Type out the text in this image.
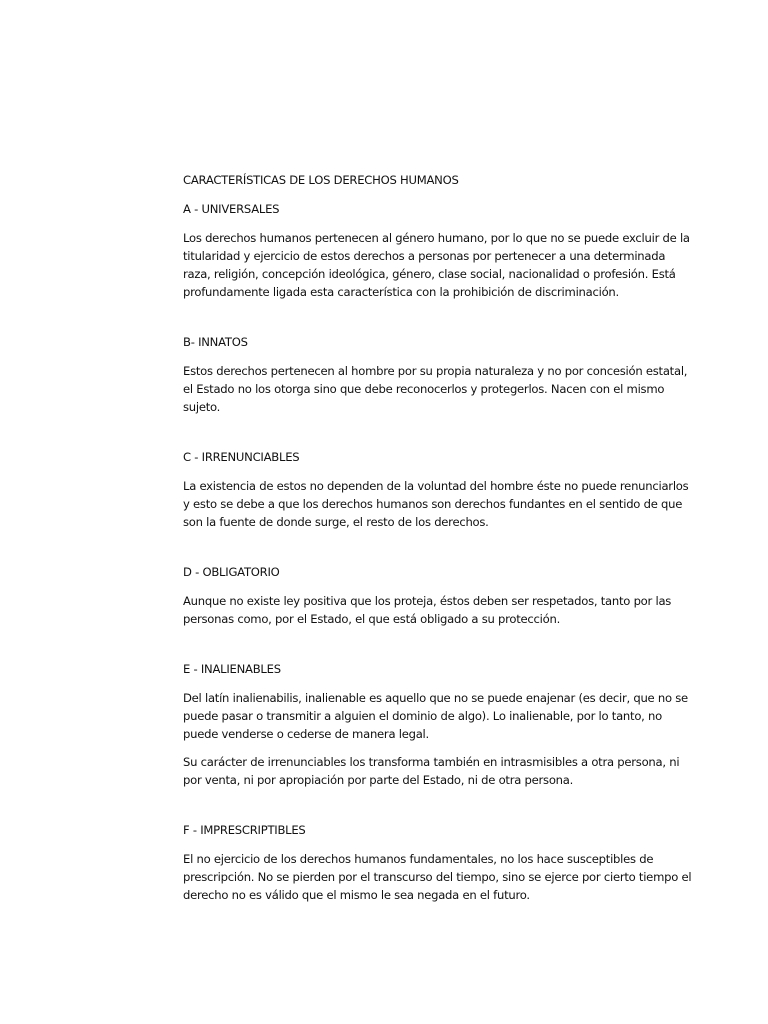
CARACTERÍSTICAS DE LOS DERECHOS HUMANOS

A - UNIVERSALES

Los derechos humanos pertenecen al género humano, por lo que no se puede excluir de la titularidad y ejercicio de estos derechos a personas por pertenecer a una determinada raza, religión, concepción ideológica, género, clase social, nacionalidad o profesión. Está profundamente ligada esta característica con la prohibición de discriminación.

B- INNATOS

Estos derechos pertenecen al hombre por su propia naturaleza y no por concesión estatal, el Estado no los otorga sino que debe reconocerlos y protegerlos. Nacen con el mismo sujeto.

C - IRRENUNCIABLES

La existencia de estos no dependen de la voluntad del hombre éste no puede renunciarlos y esto se debe a que los derechos humanos son derechos fundantes en el sentido de que son la fuente de donde surge, el resto de los derechos.

D - OBLIGATORIO

Aunque no existe ley positiva que los proteja, éstos deben ser respetados, tanto por las personas como, por el Estado, el que está obligado a su protección.

E - INALIENABLES

Del latín inalienabilis, inalienable es aquello que no se puede enajenar (es decir, que no se puede pasar o transmitir a alguien el dominio de algo). Lo inalienable, por lo tanto, no puede venderse o cederse de manera legal.

Su carácter de irrenunciables los transforma también en intrasmisibles a otra persona, ni por venta, ni por apropiación por parte del Estado, ni de otra persona.

F - IMPRESCRIPTIBLES

El no ejercicio de los derechos humanos fundamentales, no los hace susceptibles de prescripción. No se pierden por el transcurso del tiempo, sino se ejerce por cierto tiempo el derecho no es válido que el mismo le sea negada en el futuro.
